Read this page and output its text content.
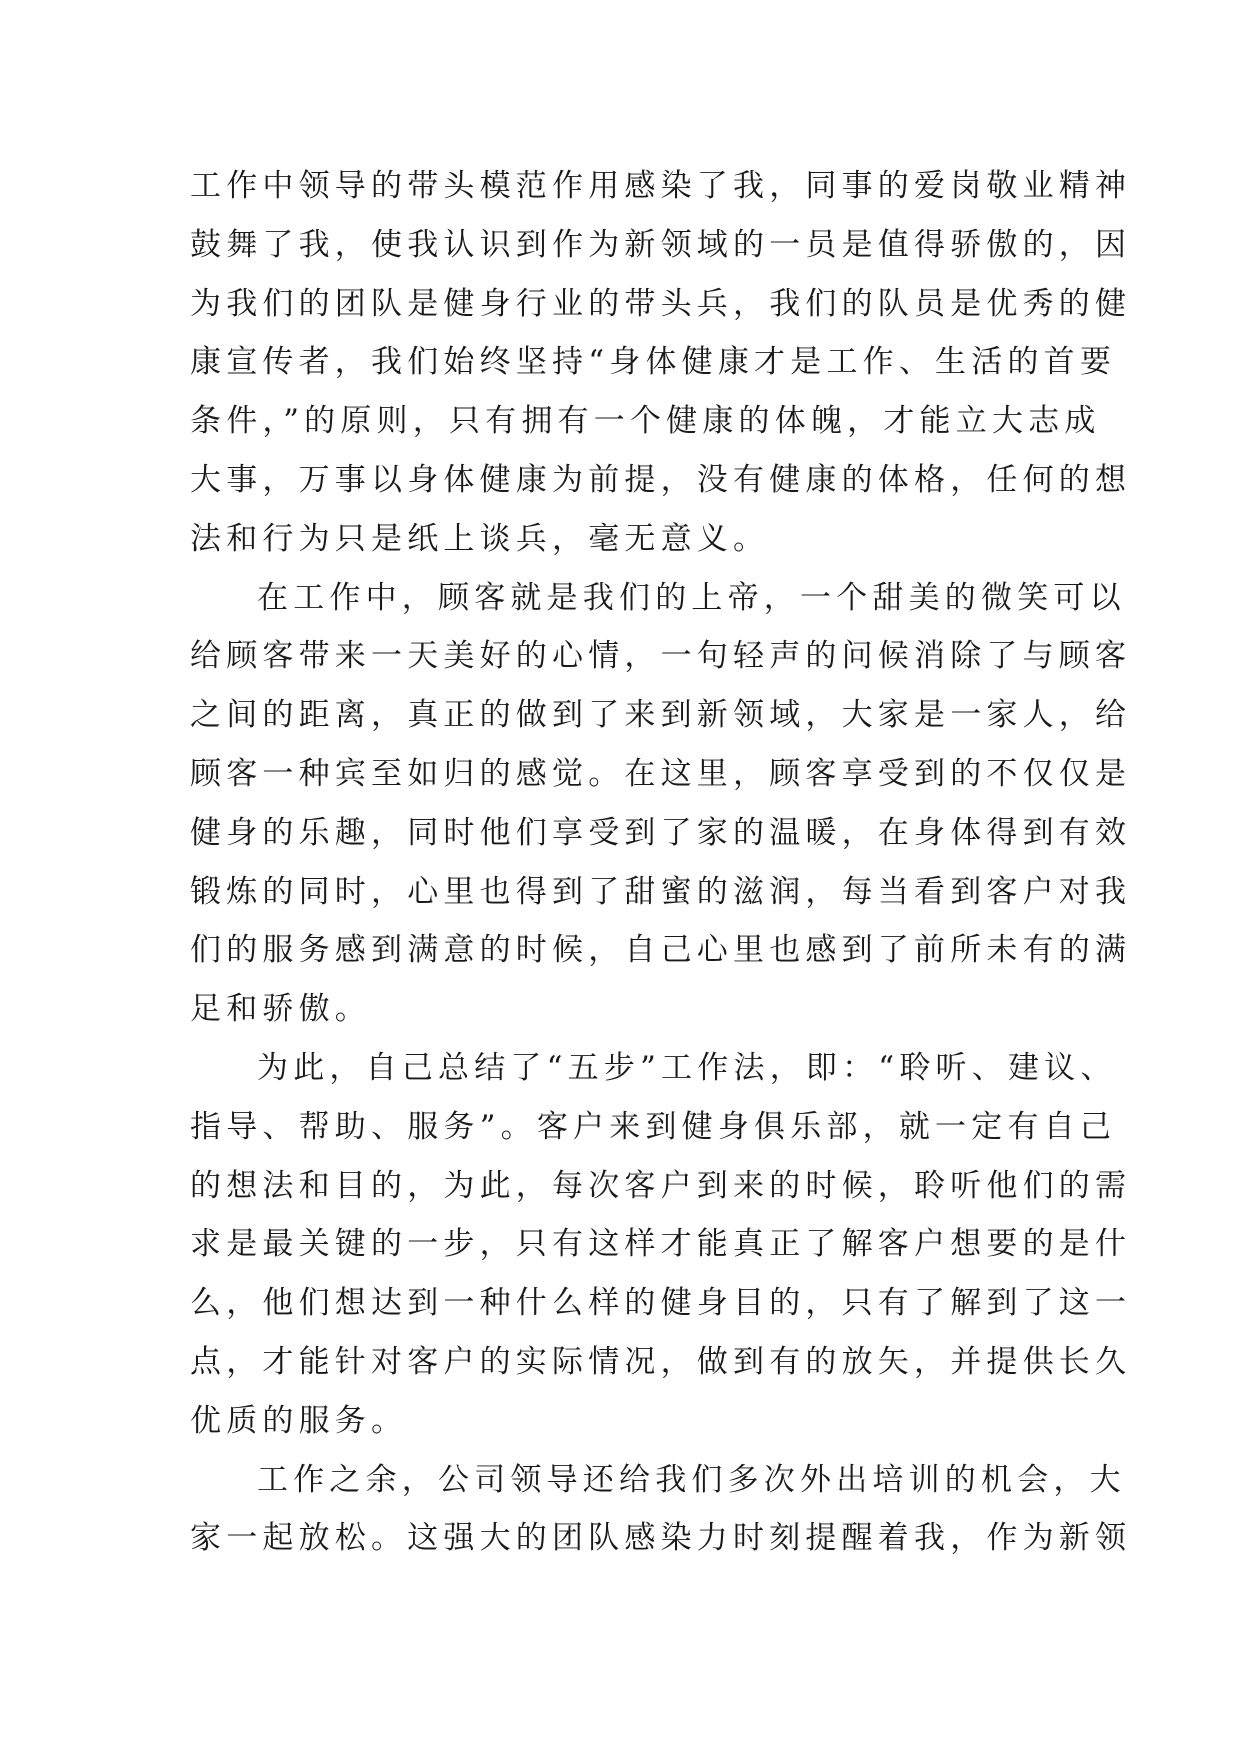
工作中领导的带头模范作用感染了我，同事的爱岗敬业精神
鼓舞了我，使我认识到作为新领域的一员是值得骄傲的，因
为我们的团队是健身行业的带头兵，我们的队员是优秀的健
康宣传者，我们始终坚持“身体健康才是工作、生活的首要
条件，”的原则，只有拥有一个健康的体魄，才能立大志成
大事，万事以身体健康为前提，没有健康的体格，任何的想
法和行为只是纸上谈兵，毫无意义。
在工作中，顾客就是我们的上帝，一个甜美的微笑可以
给顾客带来一天美好的心情，一句轻声的问候消除了与顾客
之间的距离，真正的做到了来到新领域，大家是一家人，给
顾客一种宾至如归的感觉。在这里，顾客享受到的不仅仅是
健身的乐趣，同时他们享受到了家的温暖，在身体得到有效
锻炼的同时，心里也得到了甜蜜的滋润，每当看到客户对我
们的服务感到满意的时候，自己心里也感到了前所未有的满
足和骄傲。
为此，自己总结了“五步”工作法，即：“聆听、建议、
指导、帮助、服务”。客户来到健身俱乐部，就一定有自己
的想法和目的，为此，每次客户到来的时候，聆听他们的需
求是最关键的一步，只有这样才能真正了解客户想要的是什
么，他们想达到一种什么样的健身目的，只有了解到了这一
点，才能针对客户的实际情况，做到有的放矢，并提供长久
优质的服务。
工作之余，公司领导还给我们多次外出培训的机会，大
家一起放松。这强大的团队感染力时刻提醒着我，作为新领
